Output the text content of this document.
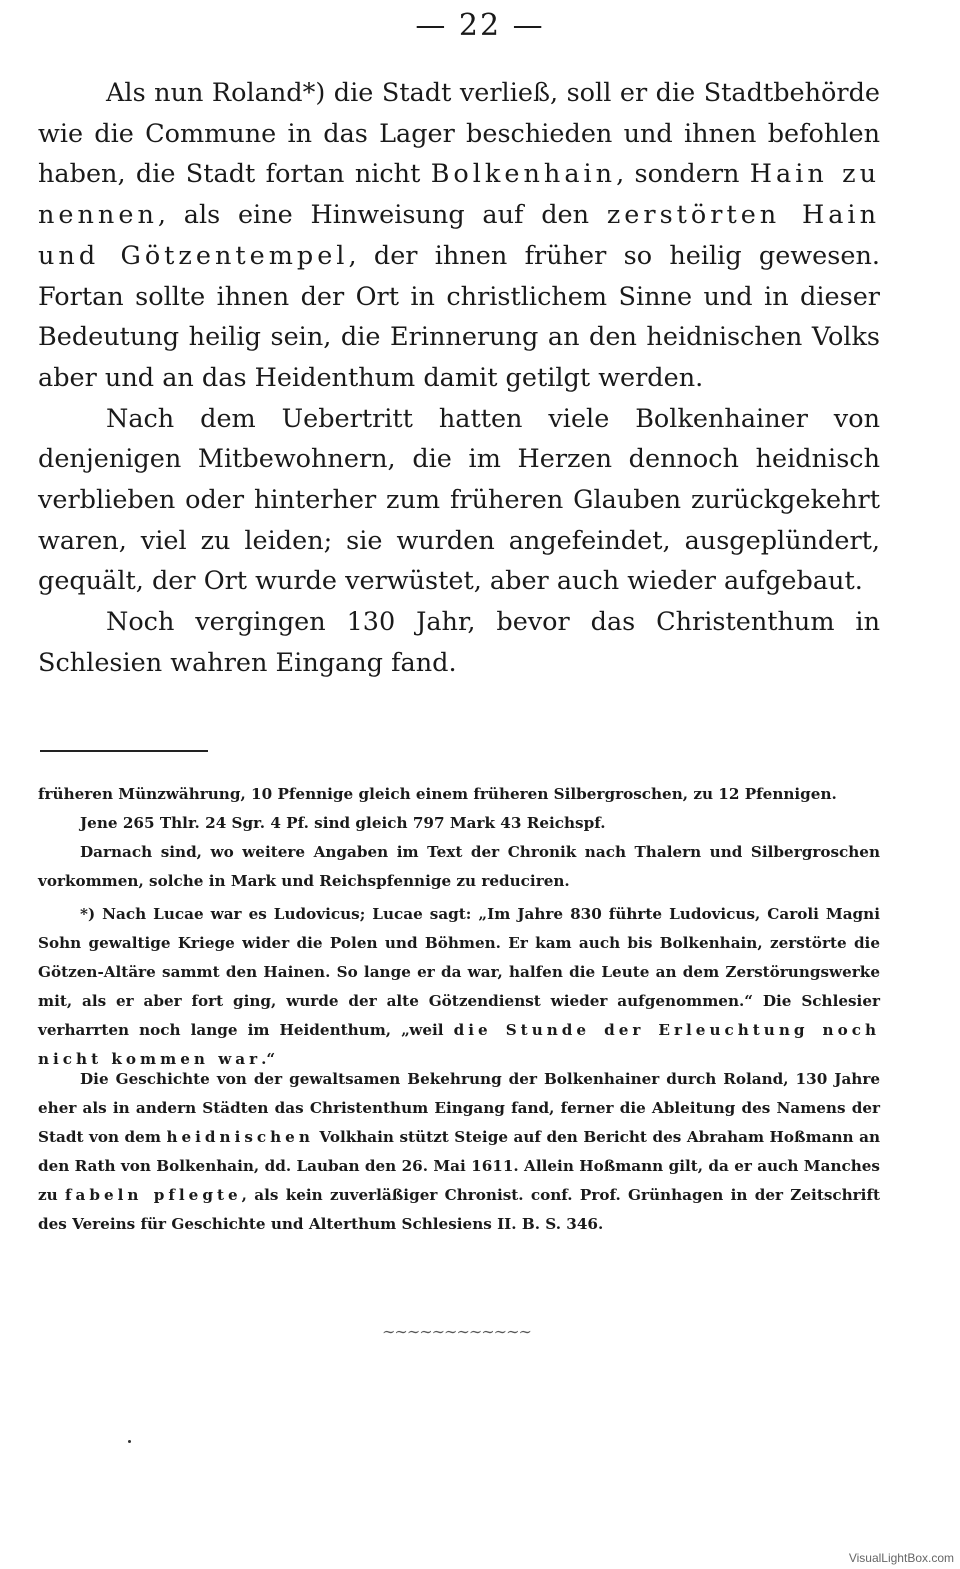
— 22 —

Als nun Roland*) die Stadt verließ, soll er die Stadtbehörde wie die Commune in das Lager beschieden und ihnen befohlen haben, die Stadt fortan nicht Bolkenhain, sondern Hain zu nennen, als eine Hinweisung auf den zerstörten Hain und Götzentempel, der ihnen früher so heilig gewesen. Fortan sollte ihnen der Ort in christlichem Sinne und in dieser Bedeutung heilig sein, die Erinnerung an den heidnischen Volks aber und an das Heidenthum damit getilgt werden.

Nach dem Uebertritt hatten viele Bolkenhainer von denjenigen Mitbewohnern, die im Herzen dennoch heidnisch verblieben oder hinterher zum früheren Glauben zurückgekehrt waren, viel zu leiden; sie wurden angefeindet, ausgeplündert, gequält, der Ort wurde verwüstet, aber auch wieder aufgebaut.

Noch vergingen 130 Jahr, bevor das Christenthum in Schlesien wahren Eingang fand.

früheren Münzwährung, 10 Pfennige gleich einem früheren Silbergroschen, zu 12 Pfennigen.

Jene 265 Thlr. 24 Sgr. 4 Pf. sind gleich 797 Mark 43 Reichspf.

Darnach sind, wo weitere Angaben im Text der Chronik nach Thalern und Silbergroschen vorkommen, solche in Mark und Reichspfennige zu reduciren.

*) Nach Lucae war es Ludovicus; Lucae sagt: „Im Jahre 830 führte Ludovicus, Caroli Magni Sohn gewaltige Kriege wider die Polen und Böhmen. Er kam auch bis Bolkenhain, zerstörte die Götzen-Altäre sammt den Hainen. So lange er da war, halfen die Leute an dem Zerstörungswerke mit, als er aber fort ging, wurde der alte Götzendienst wieder aufgenommen.“ Die Schlesier verharrten noch lange im Heidenthum, „weil die Stunde der Erleuchtung noch nicht kommen war.“

Die Geschichte von der gewaltsamen Bekehrung der Bolkenhainer durch Roland, 130 Jahre eher als in andern Städten das Christenthum Eingang fand, ferner die Ableitung des Namens der Stadt von dem heidnischen Volkhain stützt Steige auf den Bericht des Abraham Hoßmann an den Rath von Bolkenhain, dd. Lauban den 26. Mai 1611. Allein Hoßmann gilt, da er auch Manches zu fabeln pflegte, als kein zuverläßiger Chronist. conf. Prof. Grünhagen in der Zeitschrift des Vereins für Geschichte und Alterthum Schlesiens II. B. S. 346.

∼∼∼∼∼∼∼∼∼∼∼∼
VisualLightBox.com
